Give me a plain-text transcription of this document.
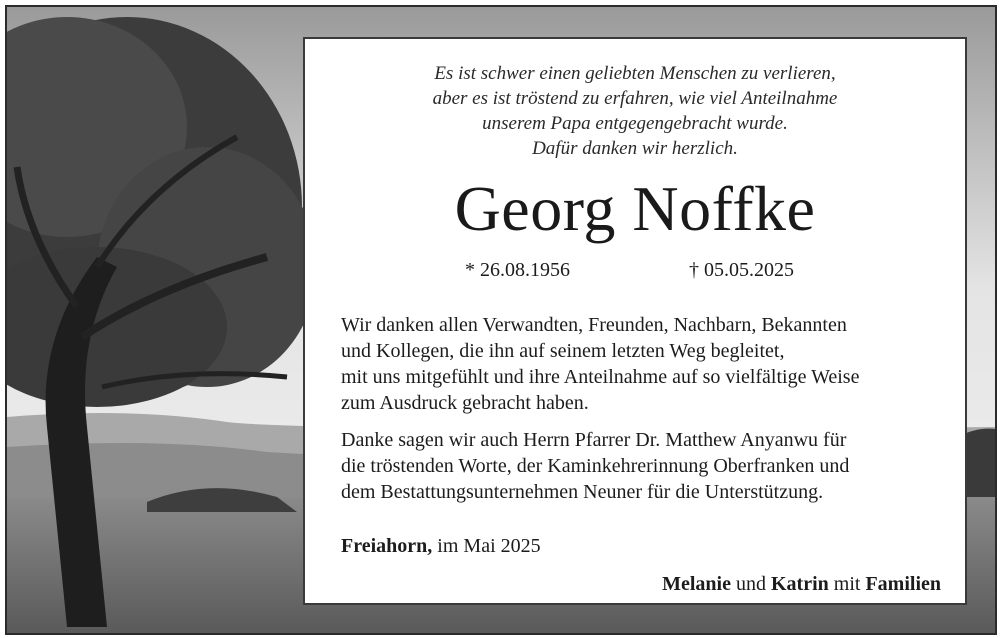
Es ist schwer einen geliebten Menschen zu verlieren,
aber es ist tröstend zu erfahren, wie viel Anteilnahme
unserem Papa entgegengebracht wurde.
Dafür danken wir herzlich.
Georg Noffke
* 26.08.1956	† 05.05.2025
Wir danken allen Verwandten, Freunden, Nachbarn, Bekannten
und Kollegen, die ihn auf seinem letzten Weg begleitet,
mit uns mitgefühlt und ihre Anteilnahme auf so vielfältige Weise
zum Ausdruck gebracht haben.
Danke sagen wir auch Herrn Pfarrer Dr. Matthew Anyanwu für
die tröstenden Worte, der Kaminkehrerinnung Oberfranken und
dem Bestattungsunternehmen Neuner für die Unterstützung.
Freiahorn, im Mai 2025
Melanie und Katrin mit Familien
